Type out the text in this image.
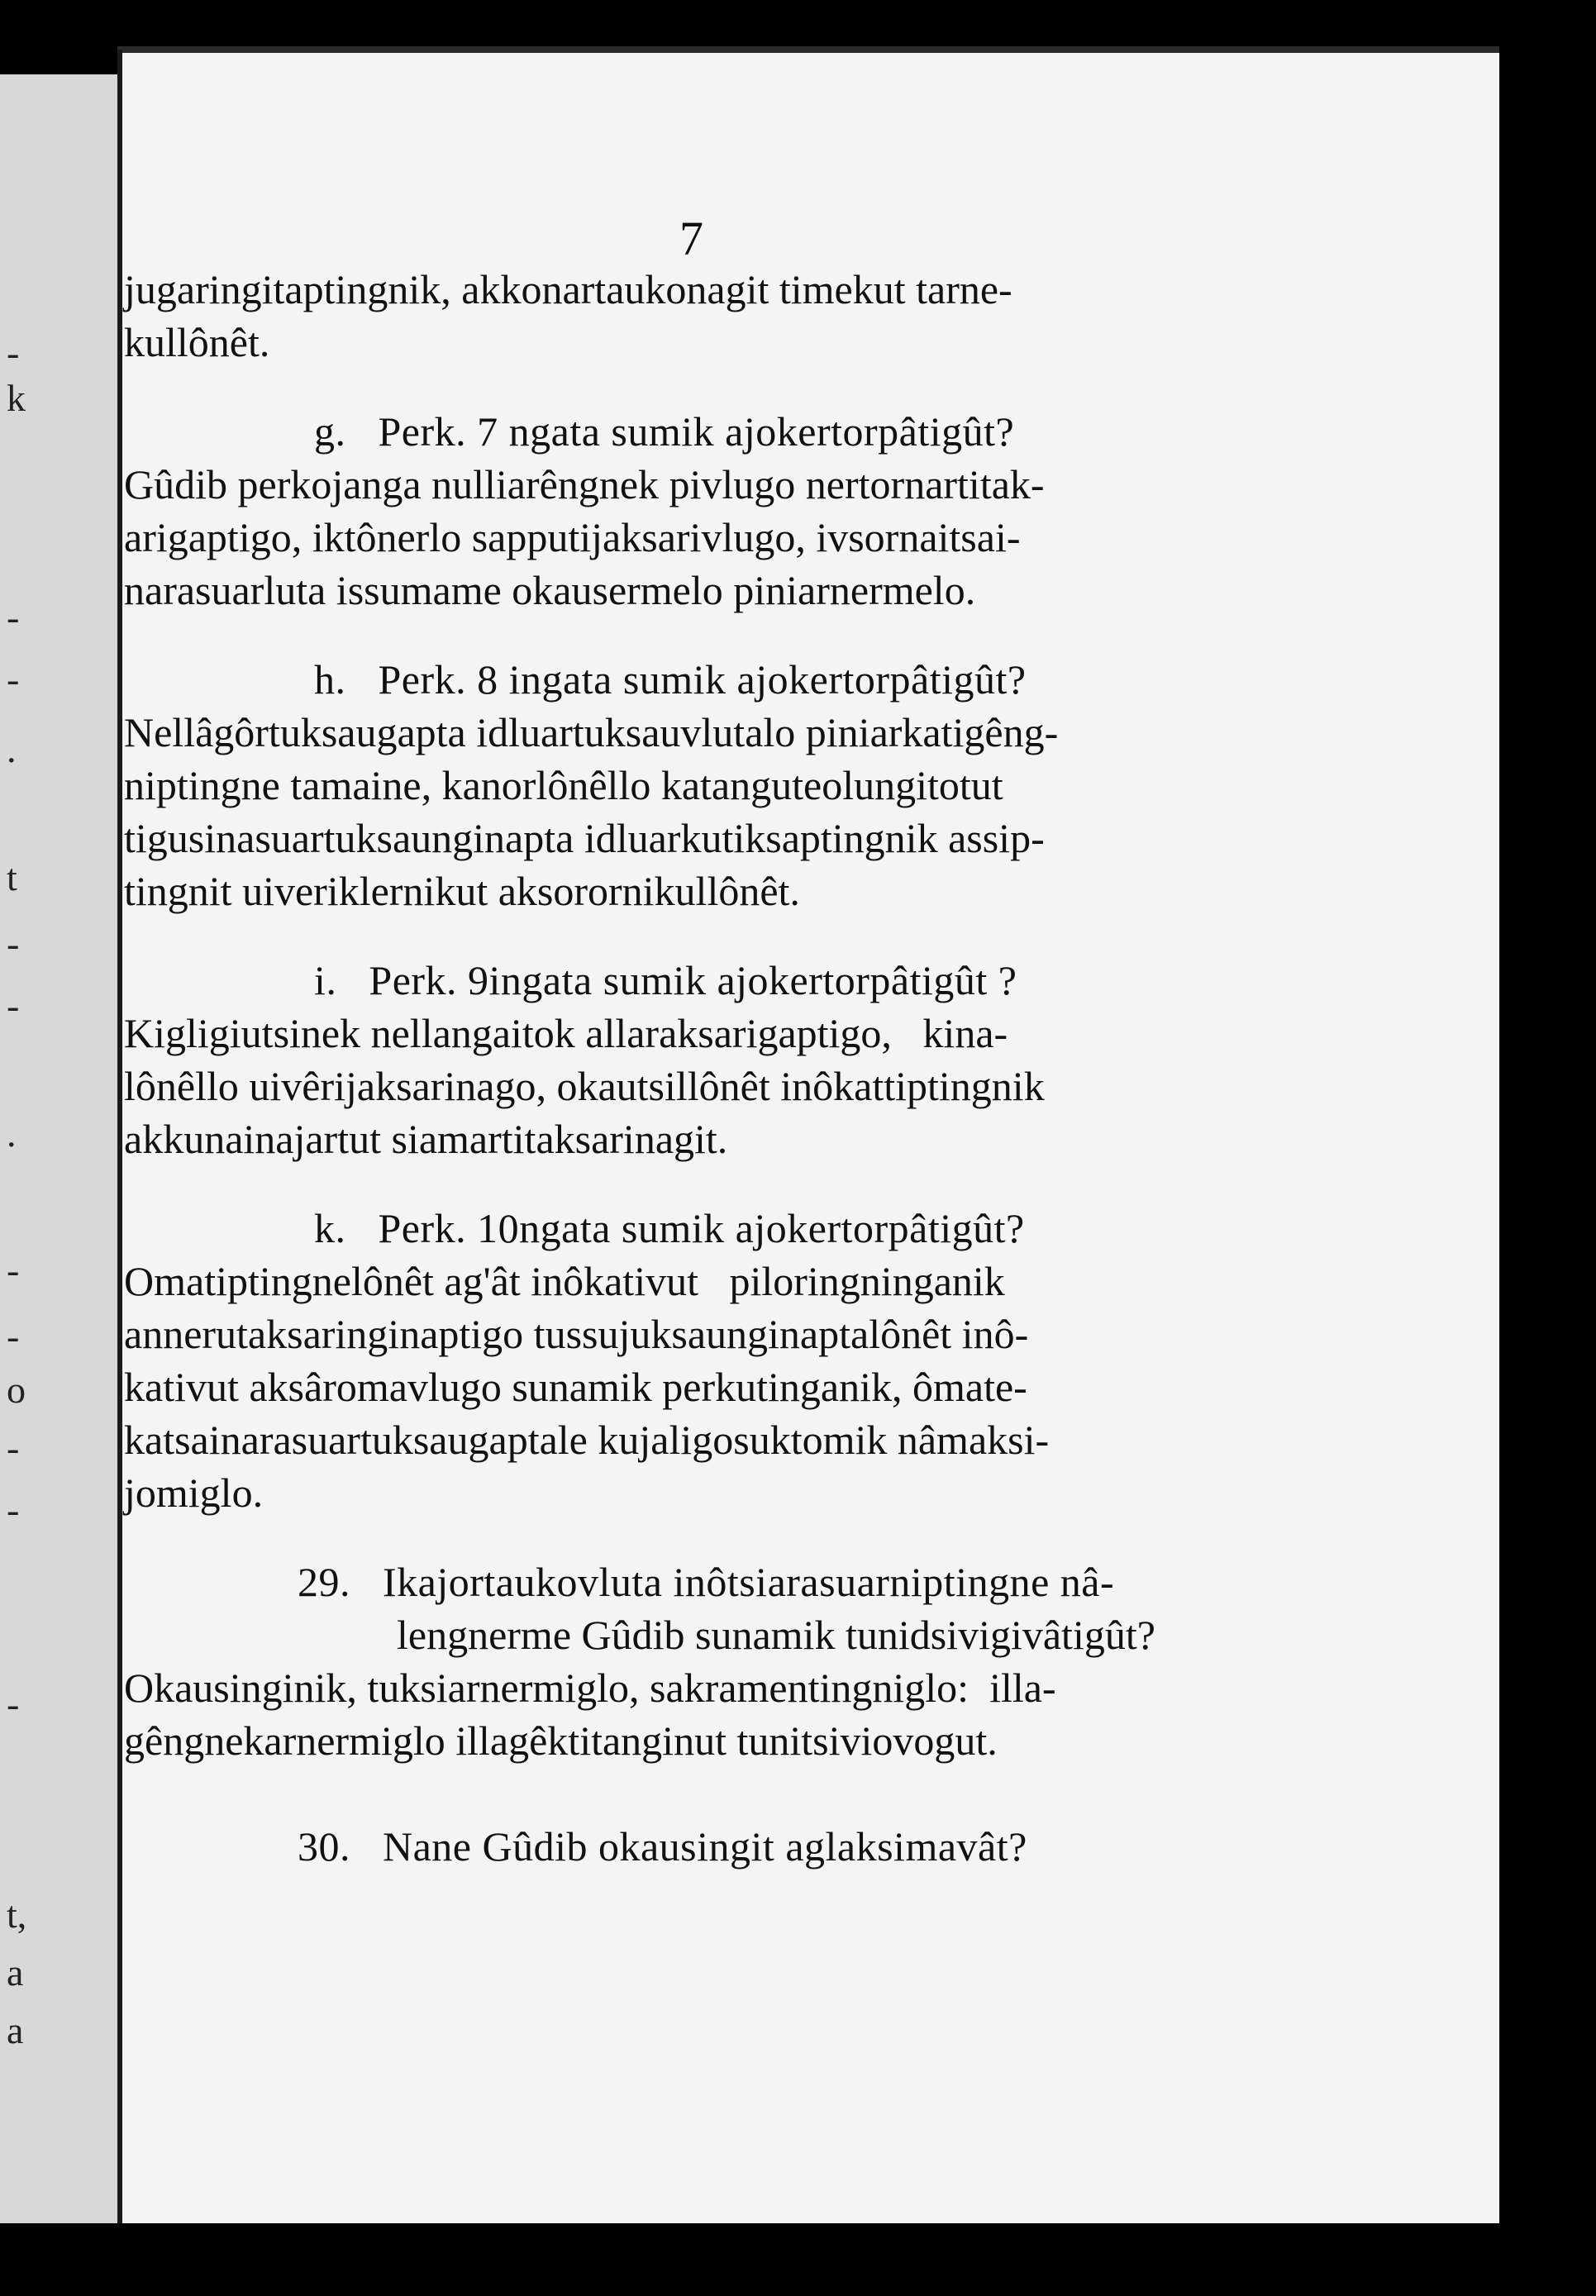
7
jugaringitaptingnik, akkonartaukonagit timekut tarne-
kullônêt.
g.   Perk. 7 ngata sumik ajokertorpâtigût?
Gûdib perkojanga nulliarêngnek pivlugo nertornartitak-
arigaptigo, iktônerlo sapputijaksarivlugo, ivsornaitsai-
narasuarluta issumame okausermelo piniarnermelo.
h.   Perk. 8 ingata sumik ajokertorpâtigût?
Nellâgôrtuksaugapta idluartuksauvlutalo piniarkatigêng-
niptingne tamaine, kanorlônêllo katanguteolungitotut
tigusinasuartuksaunginapta idluarkutiksaptingnik assip-
tingnit uiveriklernikut aksorornikullônêt.
i.   Perk. 9ingata sumik ajokertorpâtigût ?
Kigligiutsinek nellangaitok allaraksarigaptigo,   kina-
lônêllo uivêrijaksarinago, okautsillônêt inôkattiptingnik
akkunainajartut siamartitaksarinagit.
k.   Perk. 10ngata sumik ajokertorpâtigût?
Omatiptingnelônêt ag'ât inôkativut   piloringninganik
annerutaksaringinaptigo tussujuksaunginaptalônêt inô-
kativut aksâromavlugo sunamik perkutinganik, ômate-
katsainarasuartuksaugaptale kujaligosuktomik nâmaksi-
jomiglo.
29.   Ikajortaukovluta inôtsiarasuarniptingne nâ-
lengnerme Gûdib sunamik tunidsivigivâtigût?
Okausinginik, tuksiarnermiglo, sakramentingniglo:  illa-
gêngnekarnermiglo illagêktitanginut tunitsiviovogut.
30.   Nane Gûdib okausingit aglaksimavât?
-
k
-
-
.
t
-
-
.
-
-
o
-
-
-
t,
a
a
